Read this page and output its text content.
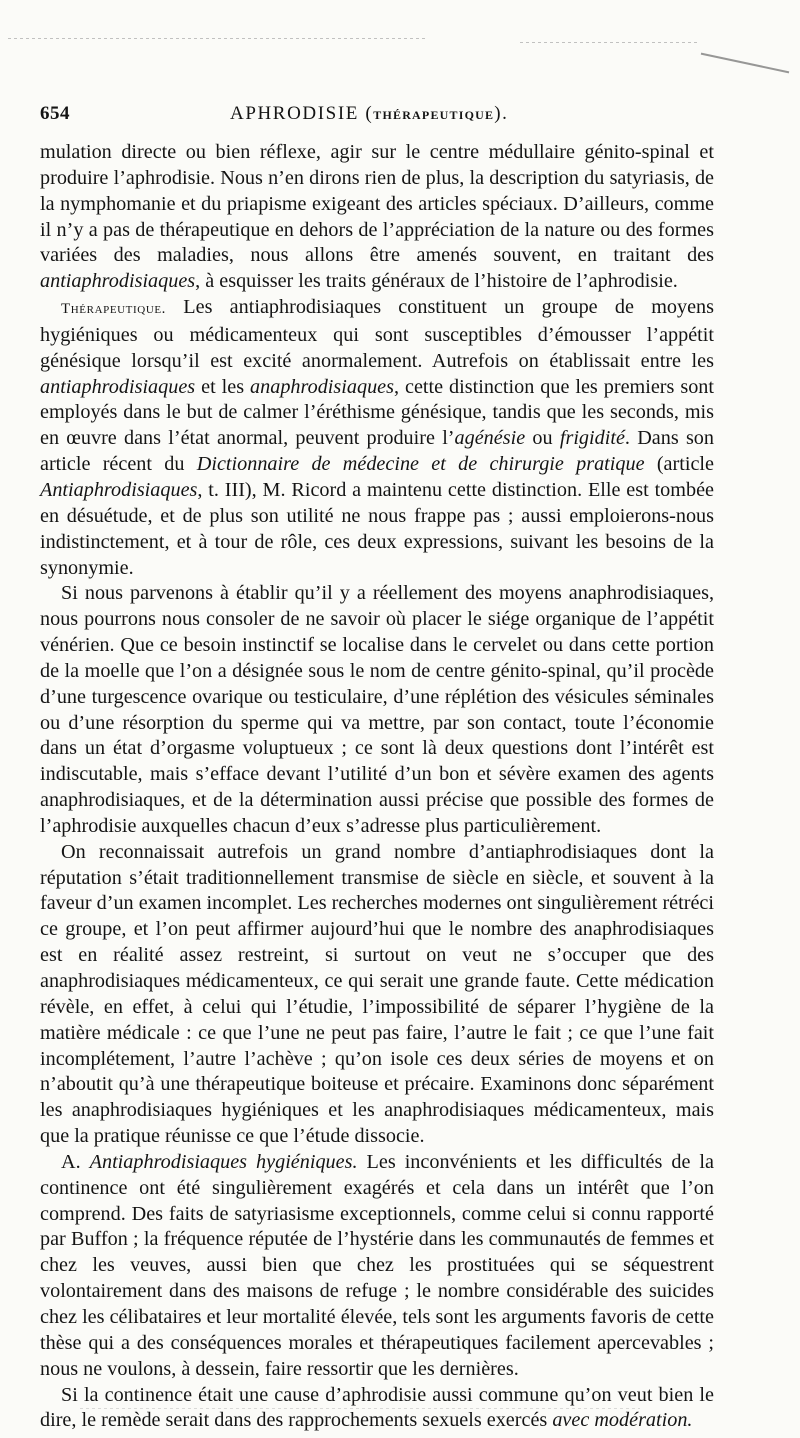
654	APHRODISIE (THÉRAPEUTIQUE).

mulation directe ou bien réflexe, agir sur le centre médullaire génito-spinal et produire l’aphrodisie. Nous n’en dirons rien de plus, la description du satyriasis, de la nymphomanie et du priapisme exigeant des articles spéciaux. D’ailleurs, comme il n’y a pas de thérapeutique en dehors de l’appréciation de la nature ou des formes variées des maladies, nous allons être amenés souvent, en traitant des antiaphrodisiaques, à esquisser les traits généraux de l’histoire de l’aphrodisie.

Thérapeutique. Les antiaphrodisiaques constituent un groupe de moyens hygiéniques ou médicamenteux qui sont susceptibles d’émousser l’appétit génésique lorsqu’il est excité anormalement. Autrefois on établissait entre les antiaphrodisiaques et les anaphrodisiaques, cette distinction que les premiers sont employés dans le but de calmer l’éréthisme génésique, tandis que les seconds, mis en œuvre dans l’état anormal, peuvent produire l’agénésie ou frigidité. Dans son article récent du Dictionnaire de médecine et de chirurgie pratique (article Antiaphrodisiaques, t. III), M. Ricord a maintenu cette distinction. Elle est tombée en désuétude, et de plus son utilité ne nous frappe pas ; aussi emploierons-nous indistinctement, et à tour de rôle, ces deux expressions, suivant les besoins de la synonymie.

Si nous parvenons à établir qu’il y a réellement des moyens anaphrodisiaques, nous pourrons nous consoler de ne savoir où placer le siége organique de l’appétit vénérien. Que ce besoin instinctif se localise dans le cervelet ou dans cette portion de la moelle que l’on a désignée sous le nom de centre génito-spinal, qu’il procède d’une turgescence ovarique ou testiculaire, d’une réplétion des vésicules séminales ou d’une résorption du sperme qui va mettre, par son contact, toute l’économie dans un état d’orgasme voluptueux ; ce sont là deux questions dont l’intérêt est indiscutable, mais s’efface devant l’utilité d’un bon et sévère examen des agents anaphrodisiaques, et de la détermination aussi précise que possible des formes de l’aphrodisie auxquelles chacun d’eux s’adresse plus particulièrement.

On reconnaissait autrefois un grand nombre d’antiaphrodisiaques dont la réputation s’était traditionnellement transmise de siècle en siècle, et souvent à la faveur d’un examen incomplet. Les recherches modernes ont singulièrement rétréci ce groupe, et l’on peut affirmer aujourd’hui que le nombre des anaphrodisiaques est en réalité assez restreint, si surtout on veut ne s’occuper que des anaphrodisiaques médicamenteux, ce qui serait une grande faute. Cette médication révèle, en effet, à celui qui l’étudie, l’impossibilité de séparer l’hygiène de la matière médicale : ce que l’une ne peut pas faire, l’autre le fait ; ce que l’une fait incomplétement, l’autre l’achève ; qu’on isole ces deux séries de moyens et on n’aboutit qu’à une thérapeutique boiteuse et précaire. Examinons donc séparément les anaphrodisiaques hygiéniques et les anaphrodisiaques médicamenteux, mais que la pratique réunisse ce que l’étude dissocie.

A. Antiaphrodisiaques hygiéniques. Les inconvénients et les difficultés de la continence ont été singulièrement exagérés et cela dans un intérêt que l’on comprend. Des faits de satyriasisme exceptionnels, comme celui si connu rapporté par Buffon ; la fréquence réputée de l’hystérie dans les communautés de femmes et chez les veuves, aussi bien que chez les prostituées qui se séquestrent volontairement dans des maisons de refuge ; le nombre considérable des suicides chez les célibataires et leur mortalité élevée, tels sont les arguments favoris de cette thèse qui a des conséquences morales et thérapeutiques facilement apercevables ; nous ne voulons, à dessein, faire ressortir que les dernières.

Si la continence était une cause d’aphrodisie aussi commune qu’on veut bien le dire, le remède serait dans des rapprochements sexuels exercés avec modération.
